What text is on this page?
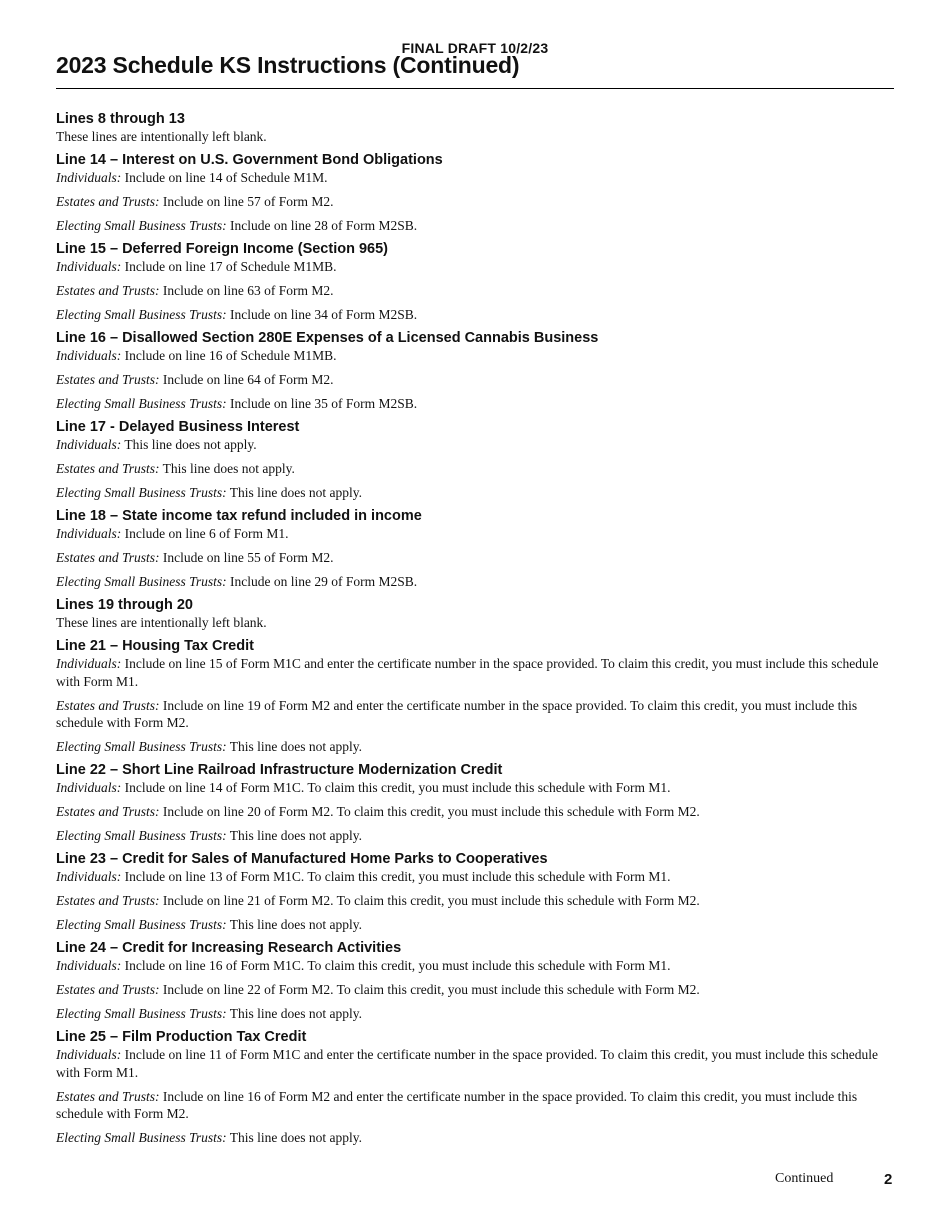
FINAL DRAFT 10/2/23
2023 Schedule KS Instructions (Continued)
Lines 8 through 13

These lines are intentionally left blank.

Line 14 – Interest on U.S. Government Bond Obligations

Individuals: Include on line 14 of Schedule M1M.

Estates and Trusts: Include on line 57 of Form M2.

Electing Small Business Trusts: Include on line 28 of Form M2SB.

Line 15 – Deferred Foreign Income (Section 965)

Individuals: Include on line 17 of Schedule M1MB.

Estates and Trusts: Include on line 63 of Form M2.

Electing Small Business Trusts: Include on line 34 of Form M2SB.

Line 16 – Disallowed Section 280E Expenses of a Licensed Cannabis Business

Individuals: Include on line 16 of Schedule M1MB.

Estates and Trusts: Include on line 64 of Form M2.

Electing Small Business Trusts: Include on line 35 of Form M2SB.

Line 17 - Delayed Business Interest

Individuals: This line does not apply.

Estates and Trusts: This line does not apply.

Electing Small Business Trusts: This line does not apply.

Line 18 – State income tax refund included in income

Individuals: Include on line 6 of Form M1.

Estates and Trusts: Include on line 55 of Form M2.

Electing Small Business Trusts: Include on line 29 of Form M2SB.

Lines 19 through 20

These lines are intentionally left blank.

Line 21 – Housing Tax Credit

Individuals: Include on line 15 of Form M1C and enter the certificate number in the space provided. To claim this credit, you must include this schedule with Form M1.

Estates and Trusts: Include on line 19 of Form M2 and enter the certificate number in the space provided. To claim this credit, you must include this schedule with Form M2.

Electing Small Business Trusts: This line does not apply.

Line 22 – Short Line Railroad Infrastructure Modernization Credit

Individuals: Include on line 14 of Form M1C. To claim this credit, you must include this schedule with Form M1.

Estates and Trusts: Include on line 20 of Form M2. To claim this credit, you must include this schedule with Form M2.

Electing Small Business Trusts: This line does not apply.

Line 23 – Credit for Sales of Manufactured Home Parks to Cooperatives

Individuals: Include on line 13 of Form M1C. To claim this credit, you must include this schedule with Form M1.

Estates and Trusts: Include on line 21 of Form M2. To claim this credit, you must include this schedule with Form M2.

Electing Small Business Trusts: This line does not apply.

Line 24 – Credit for Increasing Research Activities

Individuals: Include on line 16 of Form M1C. To claim this credit, you must include this schedule with Form M1.

Estates and Trusts: Include on line 22 of Form M2. To claim this credit, you must include this schedule with Form M2.

Electing Small Business Trusts: This line does not apply.

Line 25 – Film Production Tax Credit

Individuals: Include on line 11 of Form M1C and enter the certificate number in the space provided. To claim this credit, you must include this schedule with Form M1.

Estates and Trusts: Include on line 16 of Form M2 and enter the certificate number in the space provided. To claim this credit, you must include this schedule with Form M2.

Electing Small Business Trusts: This line does not apply.

Continued	2
